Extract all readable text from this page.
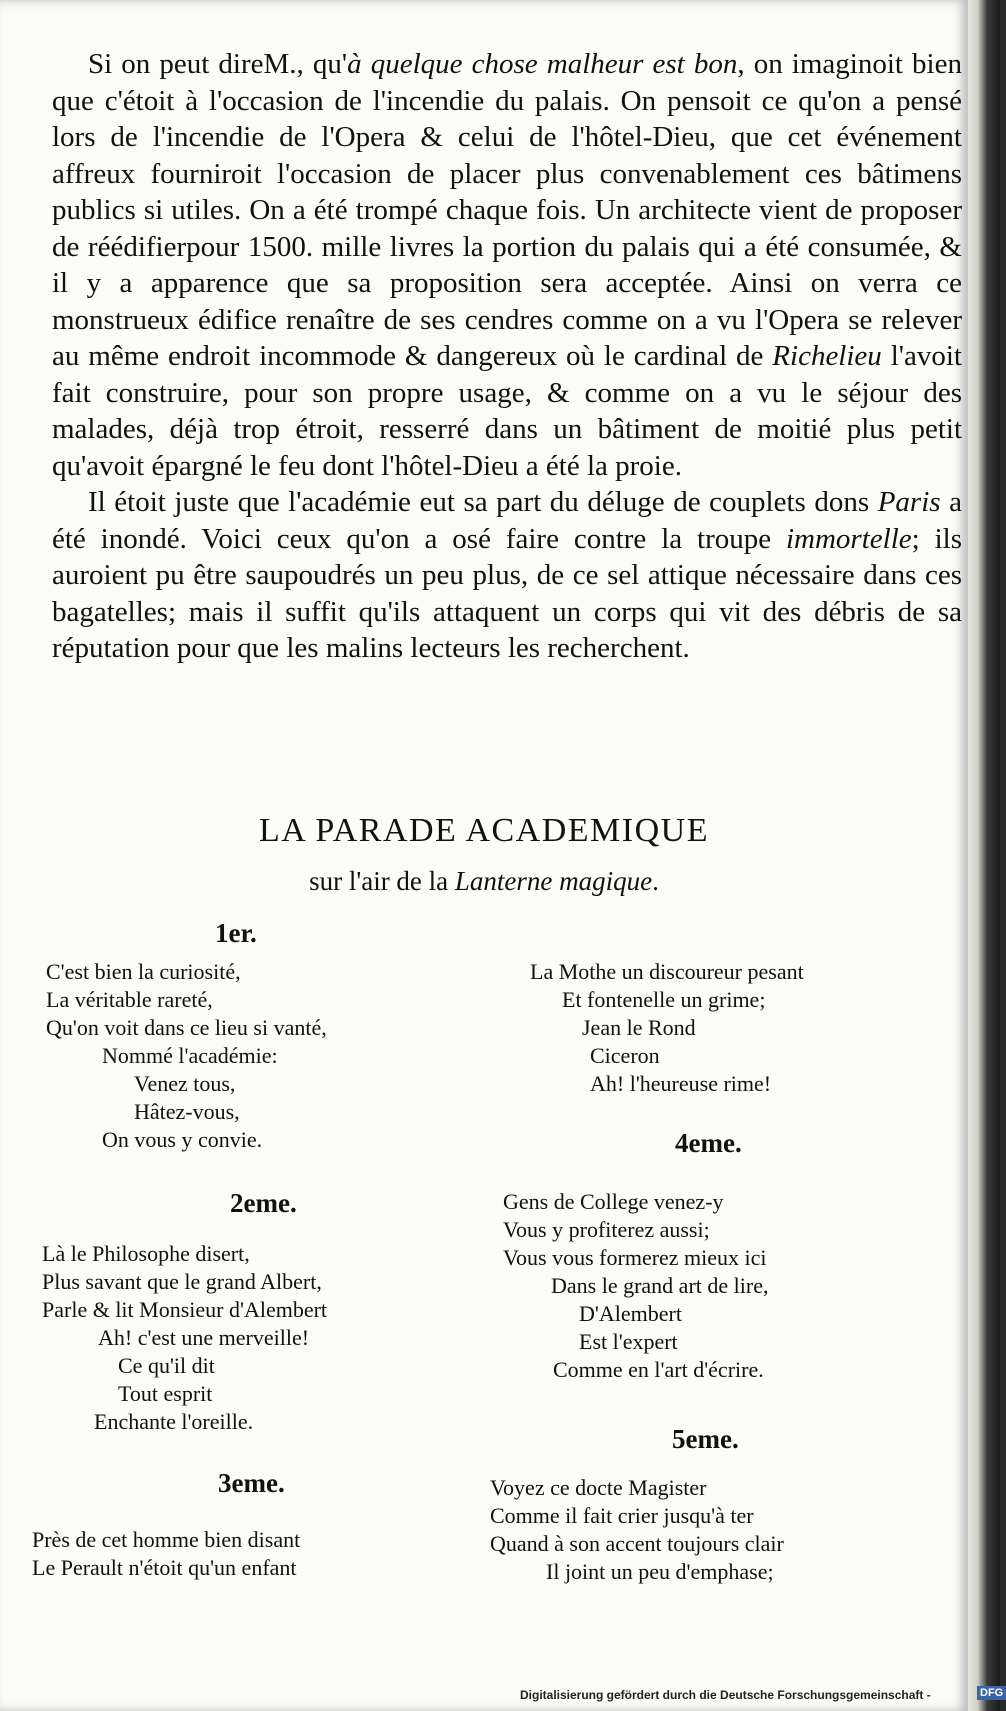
Si on peut direM., qu'à quelque chose malheur est bon, on imaginoit bien que c'étoit à l'occasion de l'incendie du palais. On pensoit ce qu'on a pensé lors de l'incendie de l'Opera & celui de l'hôtel-Dieu, que cet événement affreux fourniroit l'occasion de placer plus convenablement ces bâtimens publics si utiles. On a été trompé chaque fois. Un architecte vient de proposer de réédifierpour 1500. mille livres la portion du palais qui a été consumée, & il y a apparence que sa proposition sera acceptée. Ainsi on verra ce monstrueux édifice renaître de ses cendres comme on a vu l'Opera se relever au même endroit incommode & dangereux où le cardinal de Richelieu l'avoit fait construire, pour son propre usage, & comme on a vu le séjour des malades, déjà trop étroit, resserré dans un bâtiment de moitié plus petit qu'avoit épargné le feu dont l'hôtel-Dieu a été la proie.

Il étoit juste que l'académie eut sa part du déluge de couplets dons Paris a été inondé. Voici ceux qu'on a osé faire contre la troupe immortelle; ils auroient pu être saupoudrés un peu plus, de ce sel attique nécessaire dans ces bagatelles; mais il suffit qu'ils attaquent un corps qui vit des débris de sa réputation pour que les malins lecteurs les recherchent.

LA PARADE ACADEMIQUE
sur l'air de la Lanterne magique.
1er.
C'est bien la curiosité,
La véritable rareté,
Qu'on voit dans ce lieu si vanté,
Nommé l'académie:
Venez tous,
Hâtez-vous,
On vous y convie.
2eme.
Là le Philosophe disert,
Plus savant que le grand Albert,
Parle & lit Monsieur d'Alembert
Ah! c'est une merveille!
Ce qu'il dit
Tout esprit
Enchante l'oreille.
3eme.
Près de cet homme bien disant
Le Perault n'étoit qu'un enfant
La Mothe un discoureur pesant
Et fontenelle un grime;
Jean le Rond
Ciceron
Ah! l'heureuse rime!
4eme.
Gens de College venez-y
Vous y profiterez aussi;
Vous vous formerez mieux ici
Dans le grand art de lire,
D'Alembert
Est l'expert
Comme en l'art d'écrire.
5eme.
Voyez ce docte Magister
Comme il fait crier jusqu'à ter
Quand à son accent toujours clair
Il joint un peu d'emphase;
Digitalisierung gefördert durch die Deutsche Forschungsgemeinschaft -	DFG
